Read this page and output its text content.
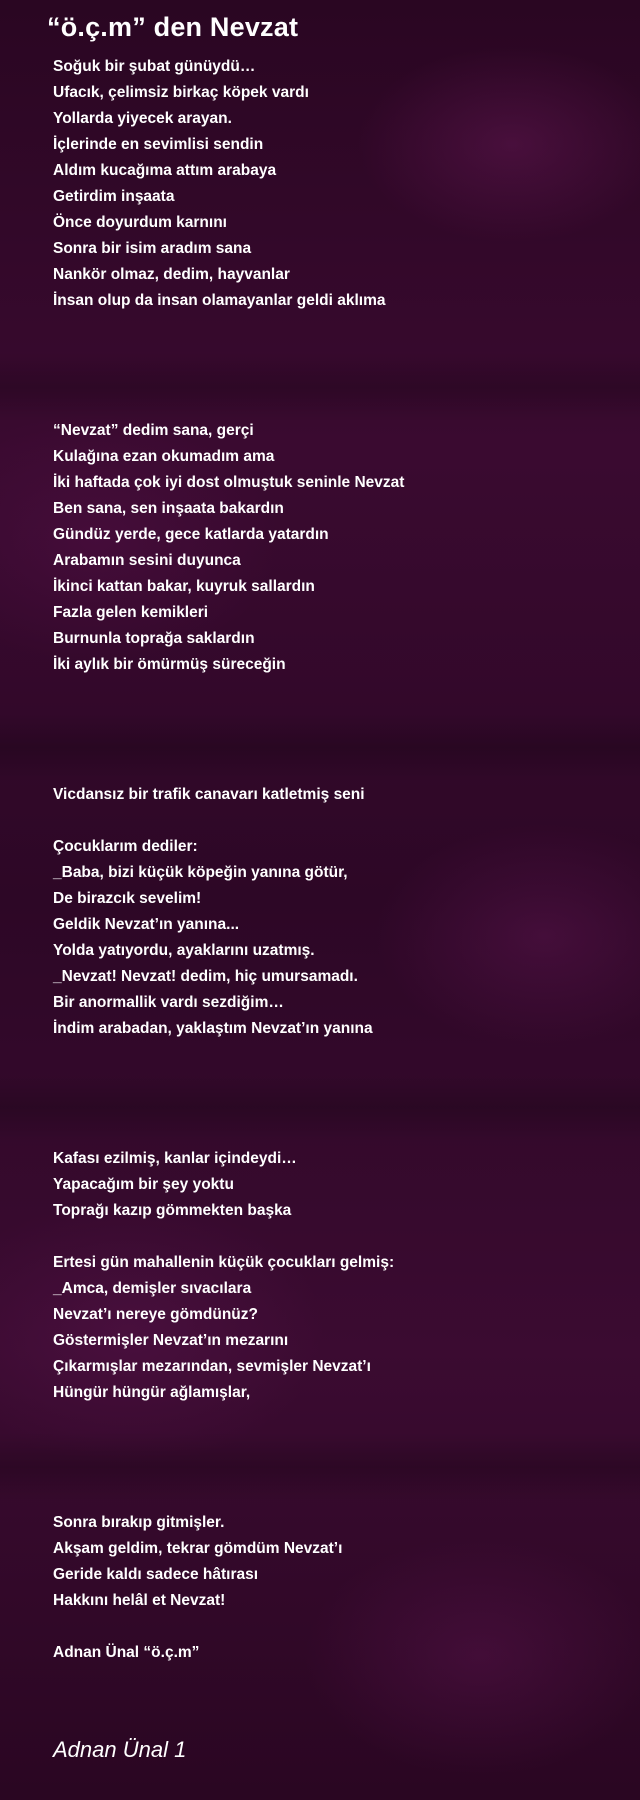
“ö.ç.m” den Nevzat
Soğuk bir şubat günüydü…
Ufacık, çelimsiz birkaç köpek vardı
Yollarda yiyecek arayan.
İçlerinde en sevimlisi sendin
Aldım kucağıma attım arabaya
Getirdim inşaata
Önce doyurdum karnını
Sonra bir isim aradım sana
Nankör olmaz, dedim, hayvanlar
İnsan olup da insan olamayanlar geldi aklıma
“Nevzat” dedim sana, gerçi
Kulağına ezan okumadım ama
İki haftada çok iyi dost olmuştuk seninle Nevzat
Ben sana, sen inşaata bakardın
Gündüz yerde, gece katlarda yatardın
Arabamın sesini duyunca
İkinci kattan bakar, kuyruk sallardın
Fazla gelen kemikleri
Burnunla toprağa saklardın
İki aylık bir ömürmüş süreceğin
Vicdansız bir trafik canavarı katletmiş seni
Çocuklarım dediler:
_Baba, bizi küçük köpeğin yanına götür,
De birazcık sevelim!
Geldik Nevzat’ın yanına...
Yolda yatıyordu, ayaklarını uzatmış.
_Nevzat! Nevzat! dedim, hiç umursamadı.
Bir anormallik vardı sezdiğim…
İndim arabadan, yaklaştım Nevzat’ın yanına
Kafası ezilmiş, kanlar içindeydi…
Yapacağım bir şey yoktu
Toprağı kazıp gömmekten başka
Ertesi gün mahallenin küçük çocukları gelmiş:
_Amca, demişler sıvacılara
Nevzat’ı nereye gömdünüz?
Göstermişler Nevzat’ın mezarını
Çıkarmışlar mezarından, sevmişler Nevzat’ı
Hüngür hüngür ağlamışlar,
Sonra bırakıp gitmişler.
Akşam geldim, tekrar gömdüm Nevzat’ı
Geride kaldı sadece hâtırası
Hakkını helâl et Nevzat!
Adnan Ünal “ö.ç.m”
Adnan Ünal 1
